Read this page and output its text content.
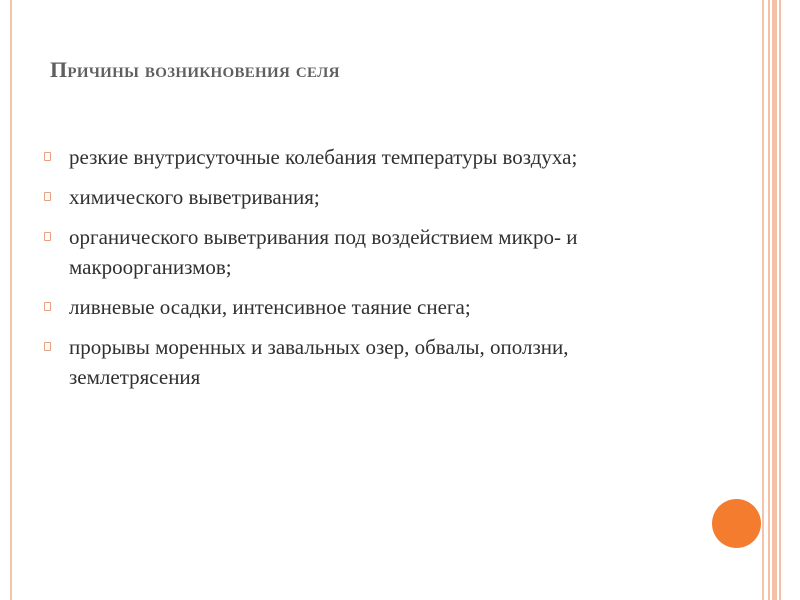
Причины возникновения селя
резкие внутрисуточные колебания температуры воздуха;
химического выветривания;
органического выветривания под воздействием микро- и макроорганизмов;
ливневые осадки, интенсивное таяние снега;
прорывы моренных и завальных озер, обвалы, оползни, землетрясения
